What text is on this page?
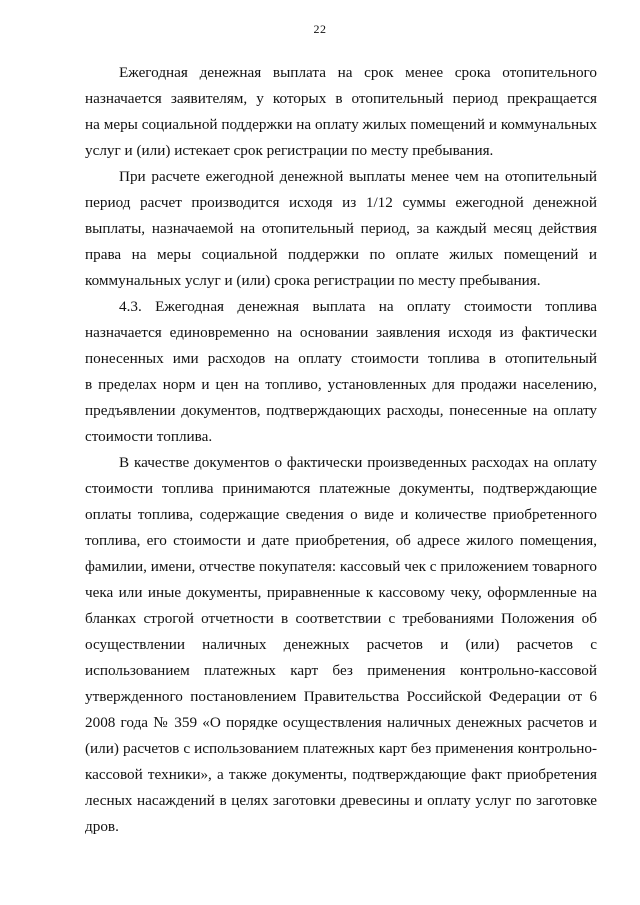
22
Ежегодная денежная выплата на срок менее срока отопительного
назначается заявителям, у которых в отопительный период прекращается
на меры социальной поддержки на оплату жилых помещений и коммунальных
услуг и (или) истекает срок регистрации по месту пребывания.
При расчете ежегодной денежной выплаты менее чем на отопительный
период расчет производится исходя из 1/12 суммы ежегодной денежной
выплаты, назначаемой на отопительный период, за каждый месяц действия
права на меры социальной поддержки по оплате жилых помещений и
коммунальных услуг и (или) срока регистрации по месту пребывания.
4.3. Ежегодная денежная выплата на оплату стоимости топлива
назначается единовременно на основании заявления исходя из фактически
понесенных ими расходов на оплату стоимости топлива в отопительный
в пределах норм и цен на топливо, установленных для продажи населению,
предъявлении документов, подтверждающих расходы, понесенные на оплату
стоимости топлива.
В качестве документов о фактически произведенных расходах на оплату
стоимости топлива принимаются платежные документы, подтверждающие
оплаты топлива, содержащие сведения о виде и количестве приобретенного
топлива, его стоимости и дате приобретения, об адресе жилого помещения,
фамилии, имени, отчестве покупателя: кассовый чек с приложением товарного
чека или иные документы, приравненные к кассовому чеку, оформленные на
бланках строгой отчетности в соответствии с требованиями Положения об
осуществлении наличных денежных расчетов и (или) расчетов с
использованием платежных карт без применения контрольно-кассовой
утвержденного постановлением Правительства Российской Федерации от 6
2008 года № 359 «О порядке осуществления наличных денежных расчетов и
(или) расчетов с использованием платежных карт без применения контрольно-
кассовой техники», а также документы, подтверждающие факт приобретения
лесных насаждений в целях заготовки древесины и оплату услуг по заготовке
дров.
